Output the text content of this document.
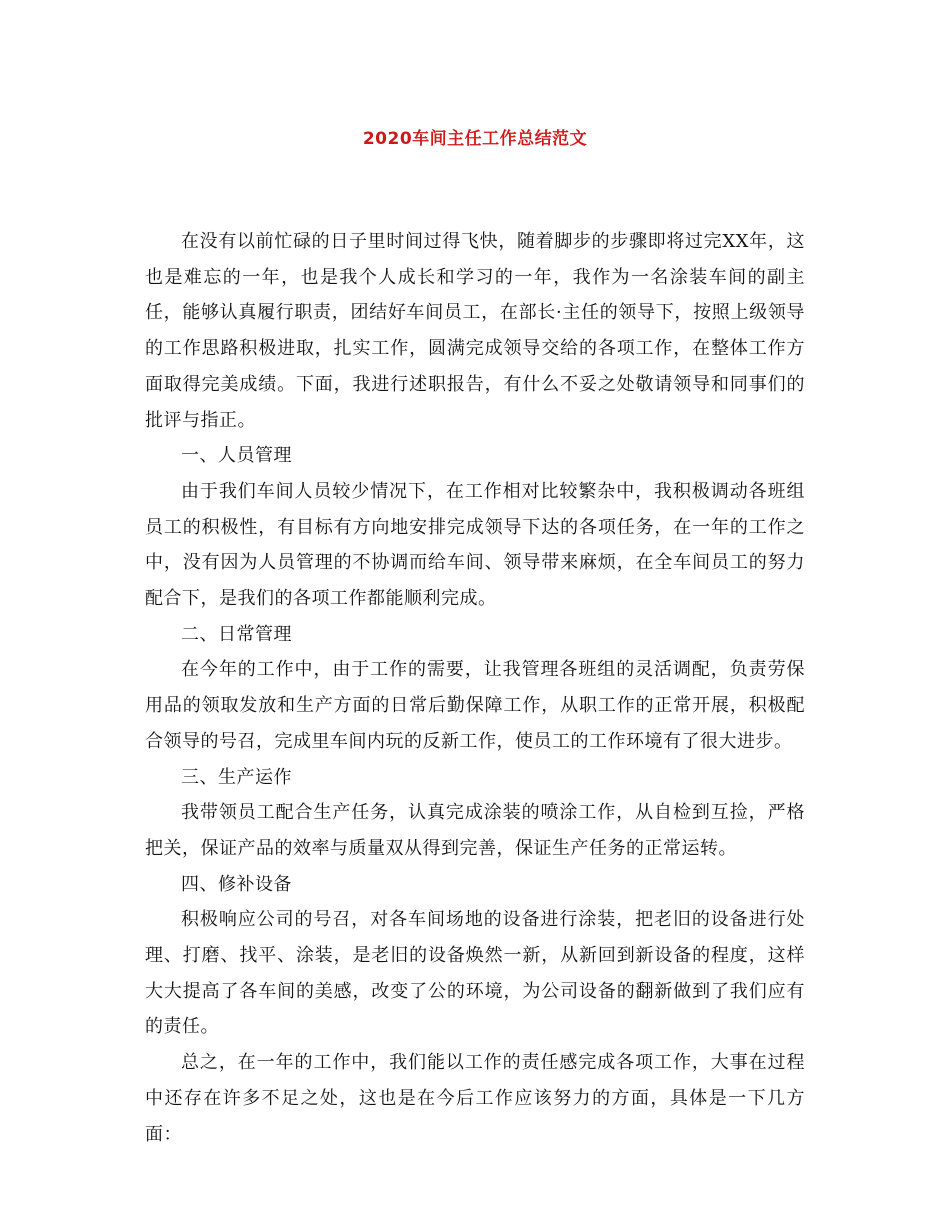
2020车间主任工作总结范文

在没有以前忙碌的日子里时间过得飞快，随着脚步的步骤即将过完XX年，这也是难忘的一年，也是我个人成长和学习的一年，我作为一名涂装车间的副主任，能够认真履行职责，团结好车间员工，在部长·主任的领导下，按照上级领导的工作思路积极进取，扎实工作，圆满完成领导交给的各项工作，在整体工作方面取得完美成绩。下面，我进行述职报告，有什么不妥之处敬请领导和同事们的批评与指正。

一、人员管理

由于我们车间人员较少情况下，在工作相对比较繁杂中，我积极调动各班组员工的积极性，有目标有方向地安排完成领导下达的各项任务，在一年的工作之中，没有因为人员管理的不协调而给车间、领导带来麻烦，在全车间员工的努力配合下，是我们的各项工作都能顺利完成。

二、日常管理

在今年的工作中，由于工作的需要，让我管理各班组的灵活调配，负责劳保用品的领取发放和生产方面的日常后勤保障工作，从职工作的正常开展，积极配合领导的号召，完成里车间内玩的反新工作，使员工的工作环境有了很大进步。

三、生产运作

我带领员工配合生产任务，认真完成涂装的喷涂工作，从自检到互捡，严格把关，保证产品的效率与质量双从得到完善，保证生产任务的正常运转。

四、修补设备

积极响应公司的号召，对各车间场地的设备进行涂装，把老旧的设备进行处理、打磨、找平、涂装，是老旧的设备焕然一新，从新回到新设备的程度，这样大大提高了各车间的美感，改变了公的环境，为公司设备的翻新做到了我们应有的责任。

总之，在一年的工作中，我们能以工作的责任感完成各项工作，大事在过程中还存在许多不足之处，这也是在今后工作应该努力的方面，具体是一下几方面：
